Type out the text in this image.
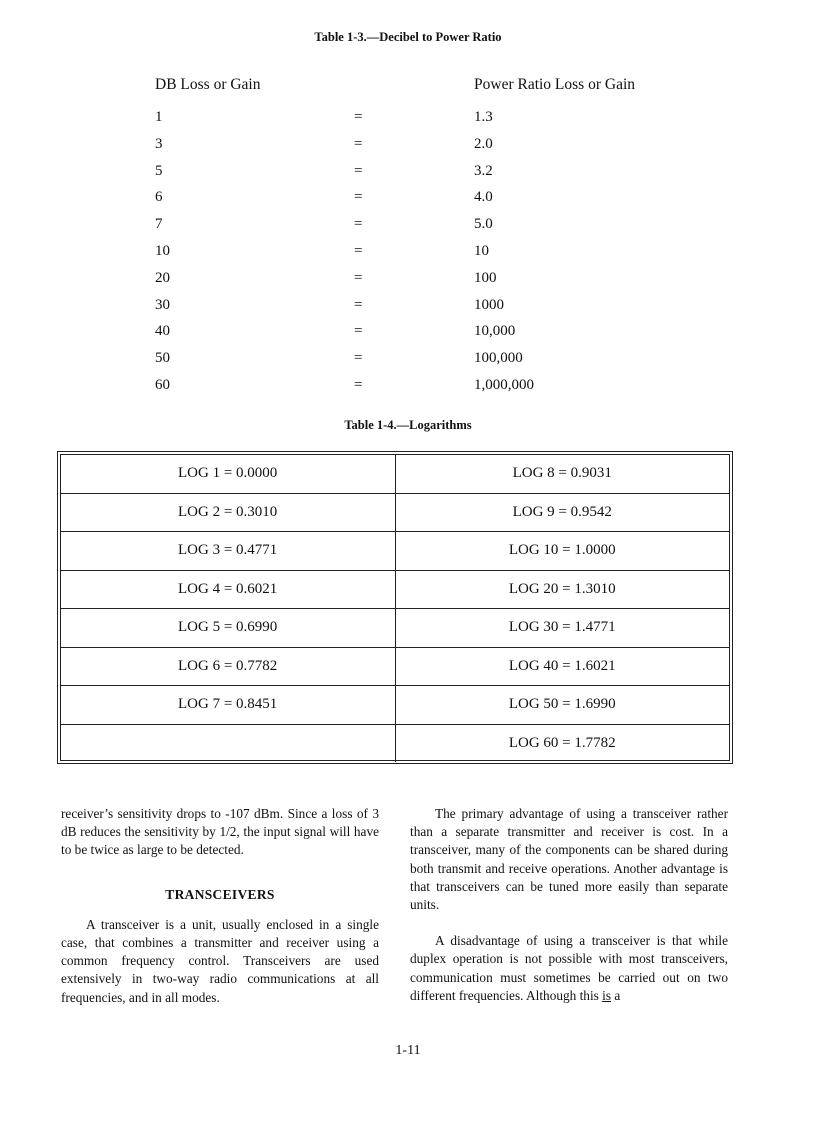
Table 1-3.—Decibel to Power Ratio
DB Loss or Gain	Power Ratio Loss or Gain
1	=	1.3
3	=	2.0
5	=	3.2
6	=	4.0
7	=	5.0
10	=	10
20	=	100
30	=	1000
40	=	10,000
50	=	100,000
60	=	1,000,000
Table 1-4.—Logarithms
LOG 1 = 0.0000	LOG 8 = 0.9031
LOG 2 = 0.3010	LOG 9 = 0.9542
LOG 3 = 0.4771	LOG 10 = 1.0000
LOG 4 = 0.6021	LOG 20 = 1.3010
LOG 5 = 0.6990	LOG 30 = 1.4771
LOG 6 = 0.7782	LOG 40 = 1.6021
LOG 7 = 0.8451	LOG 50 = 1.6990
	LOG 60 = 1.7782

receiver’s sensitivity drops to -107 dBm. Since a loss of 3 dB reduces the sensitivity by 1/2, the input signal will have to be twice as large to be detected.

TRANSCEIVERS

A transceiver is a unit, usually enclosed in a single case, that combines a transmitter and receiver using a common frequency control. Transceivers are used extensively in two-way radio communications at all frequencies, and in all modes.

The primary advantage of using a transceiver rather than a separate transmitter and receiver is cost. In a transceiver, many of the components can be shared during both transmit and receive operations. Another advantage is that transceivers can be tuned more easily than separate units.

A disadvantage of using a transceiver is that while duplex operation is not possible with most transceivers, communication must sometimes be carried out on two different frequencies. Although this is a

1-11
